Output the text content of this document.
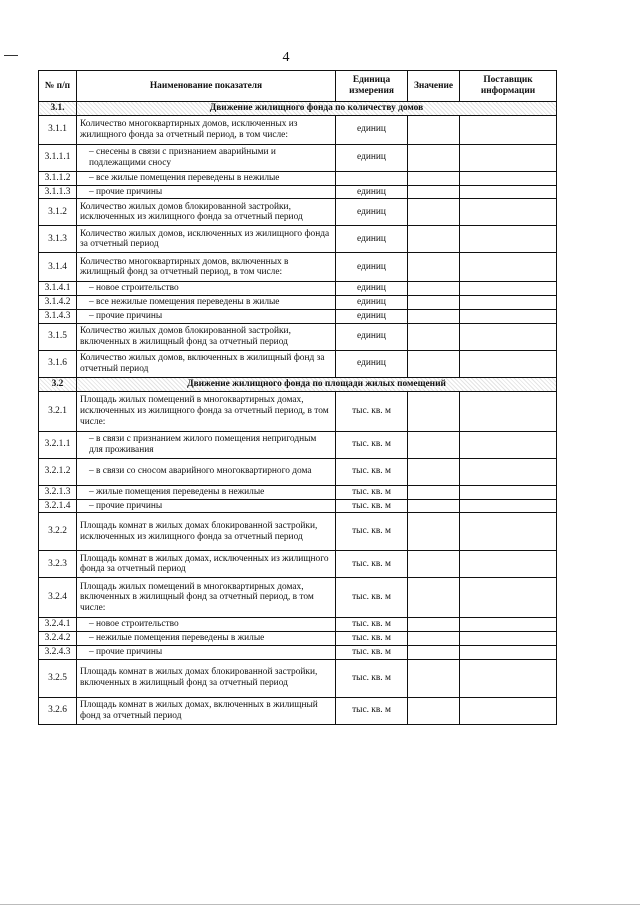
4
№ п/п	Наименование показателя	Единица измерения	Значение	Поставщик информации
3.1.	Движение жилищного фонда по количеству домов			
3.1.1	Количество многоквартирных домов, исключенных из жилищного фонда за отчетный период, в том числе:	единиц		
3.1.1.1	– снесены в связи с признанием аварийными и подлежащими сносу	единиц		
3.1.1.2	– все жилые помещения переведены в нежилые			
3.1.1.3	– прочие причины	единиц		
3.1.2	Количество жилых домов блокированной застройки, исключенных из жилищного фонда за отчетный период	единиц		
3.1.3	Количество жилых домов, исключенных из жилищного фонда за отчетный период	единиц		
3.1.4	Количество многоквартирных домов, включенных в жилищный фонд за отчетный период, в том числе:	единиц		
3.1.4.1	– новое строительство	единиц		
3.1.4.2	– все нежилые помещения переведены в жилые	единиц		
3.1.4.3	– прочие причины	единиц		
3.1.5	Количество жилых домов блокированной застройки, включенных в жилищный фонд за отчетный период	единиц		
3.1.6	Количество жилых домов, включенных в жилищный фонд за отчетный период	единиц		
3.2	Движение жилищного фонда по площади жилых помещений			
3.2.1	Площадь жилых помещений в многоквартирных домах, исключенных из жилищного фонда за отчетный период, в том числе:	тыс. кв. м		
3.2.1.1	– в связи с признанием жилого помещения непригодным для проживания	тыс. кв. м		
3.2.1.2	– в связи со сносом аварийного многоквартирного дома	тыс. кв. м		
3.2.1.3	– жилые помещения переведены в нежилые	тыс. кв. м		
3.2.1.4	– прочие причины	тыс. кв. м		
3.2.2	Площадь комнат в жилых домах блокированной застройки, исключенных из жилищного фонда за отчетный период	тыс. кв. м		
3.2.3	Площадь комнат в жилых домах, исключенных из жилищного фонда за отчетный период	тыс. кв. м		
3.2.4	Площадь жилых помещений в многоквартирных домах, включенных в жилищный фонд за отчетный период, в том числе:	тыс. кв. м		
3.2.4.1	– новое строительство	тыс. кв. м		
3.2.4.2	– нежилые помещения переведены в жилые	тыс. кв. м		
3.2.4.3	– прочие причины	тыс. кв. м		
3.2.5	Площадь комнат в жилых домах блокированной застройки, включенных в жилищный фонд за отчетный период	тыс. кв. м		
3.2.6	Площадь комнат в жилых домах, включенных в жилищный фонд за отчетный период	тыс. кв. м		
